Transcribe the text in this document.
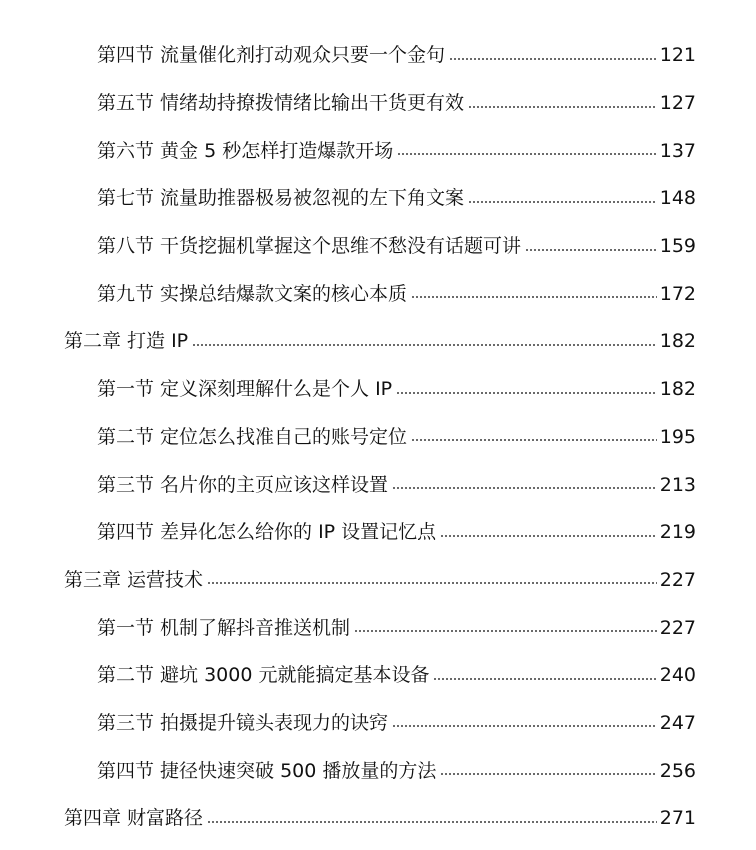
第四节 流量催化剂打动观众只要一个金句	121
第五节 情绪劫持撩拨情绪比输出干货更有效	127
第六节 黄金 5 秒怎样打造爆款开场	137
第七节 流量助推器极易被忽视的左下角文案	148
第八节 干货挖掘机掌握这个思维不愁没有话题可讲	159
第九节 实操总结爆款文案的核心本质	172
第二章 打造 IP	182
第一节 定义深刻理解什么是个人 IP	182
第二节 定位怎么找准自己的账号定位	195
第三节 名片你的主页应该这样设置	213
第四节 差异化怎么给你的 IP 设置记忆点	219
第三章 运营技术	227
第一节 机制了解抖音推送机制	227
第二节 避坑 3000 元就能搞定基本设备	240
第三节 拍摄提升镜头表现力的诀窍	247
第四节 捷径快速突破 500 播放量的方法	256
第四章 财富路径	271
